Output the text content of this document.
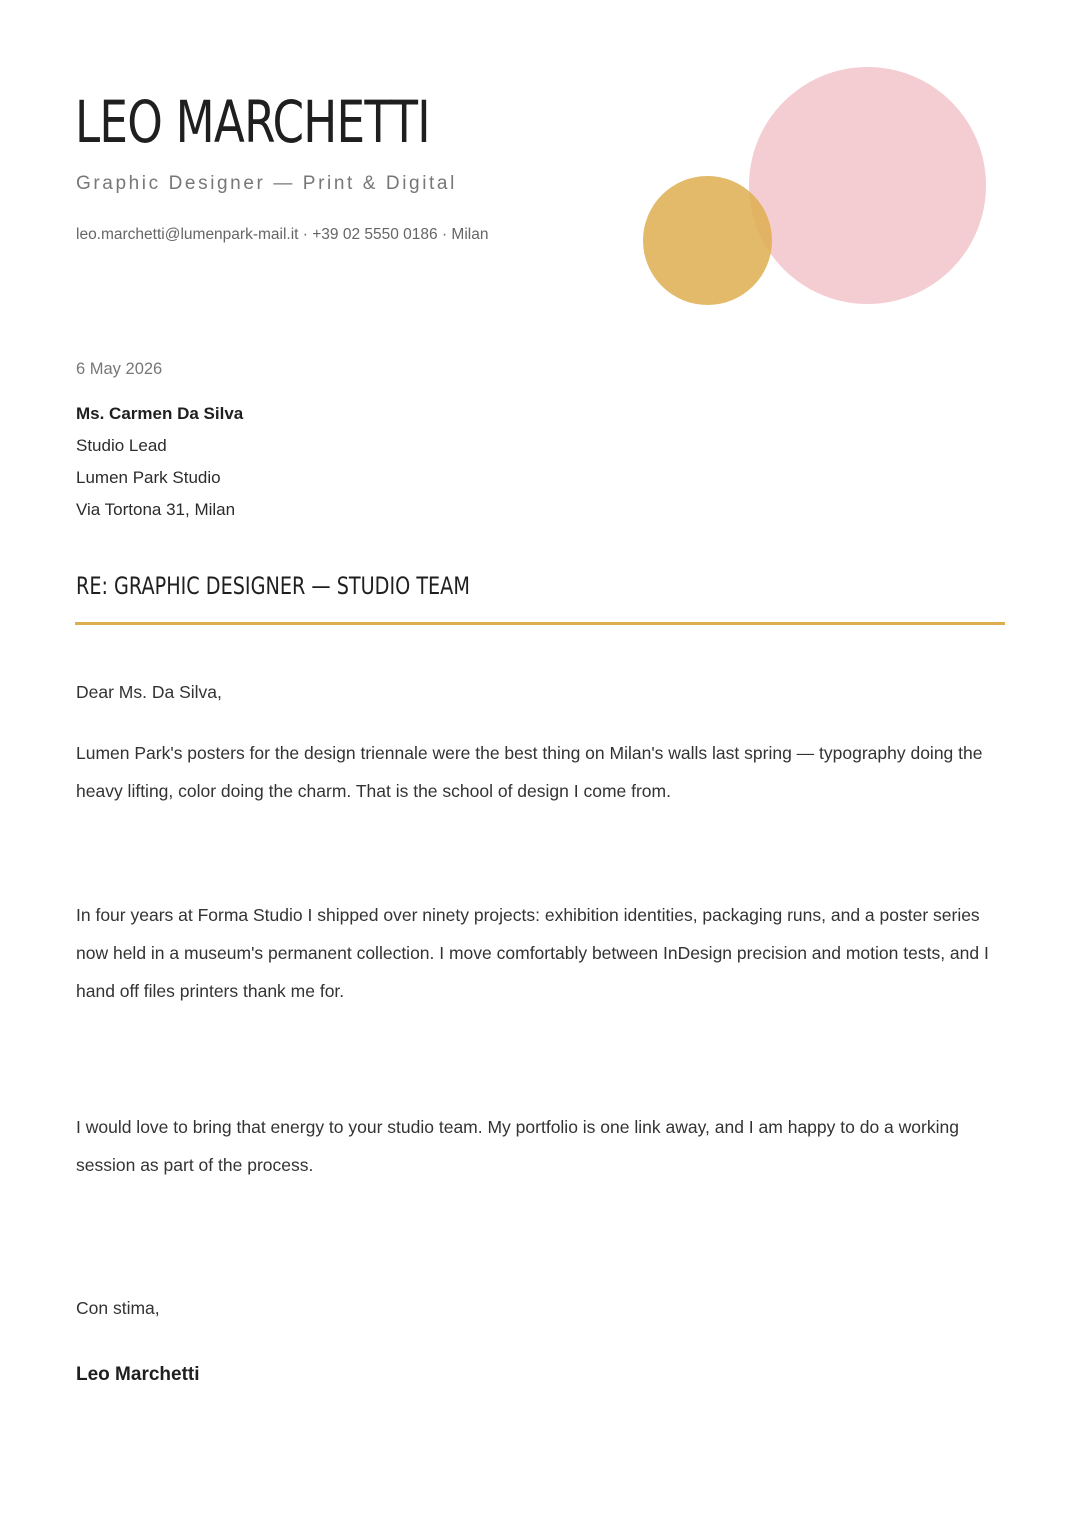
LEO MARCHETTI
Graphic Designer — Print & Digital
leo.marchetti@lumenpark-mail.it · +39 02 5550 0186 · Milan
6 May 2026
Ms. Carmen Da Silva
Studio Lead
Lumen Park Studio
Via Tortona 31, Milan
RE: GRAPHIC DESIGNER — STUDIO TEAM

Dear Ms. Da Silva,

Lumen Park's posters for the design triennale were the best thing on Milan's walls last spring — typography doing the heavy lifting, color doing the charm. That is the school of design I come from.

In four years at Forma Studio I shipped over ninety projects: exhibition identities, packaging runs, and a poster series now held in a museum's permanent collection. I move comfortably between InDesign precision and motion tests, and I hand off files printers thank me for.

I would love to bring that energy to your studio team. My portfolio is one link away, and I am happy to do a working session as part of the process.

Con stima,

Leo Marchetti
